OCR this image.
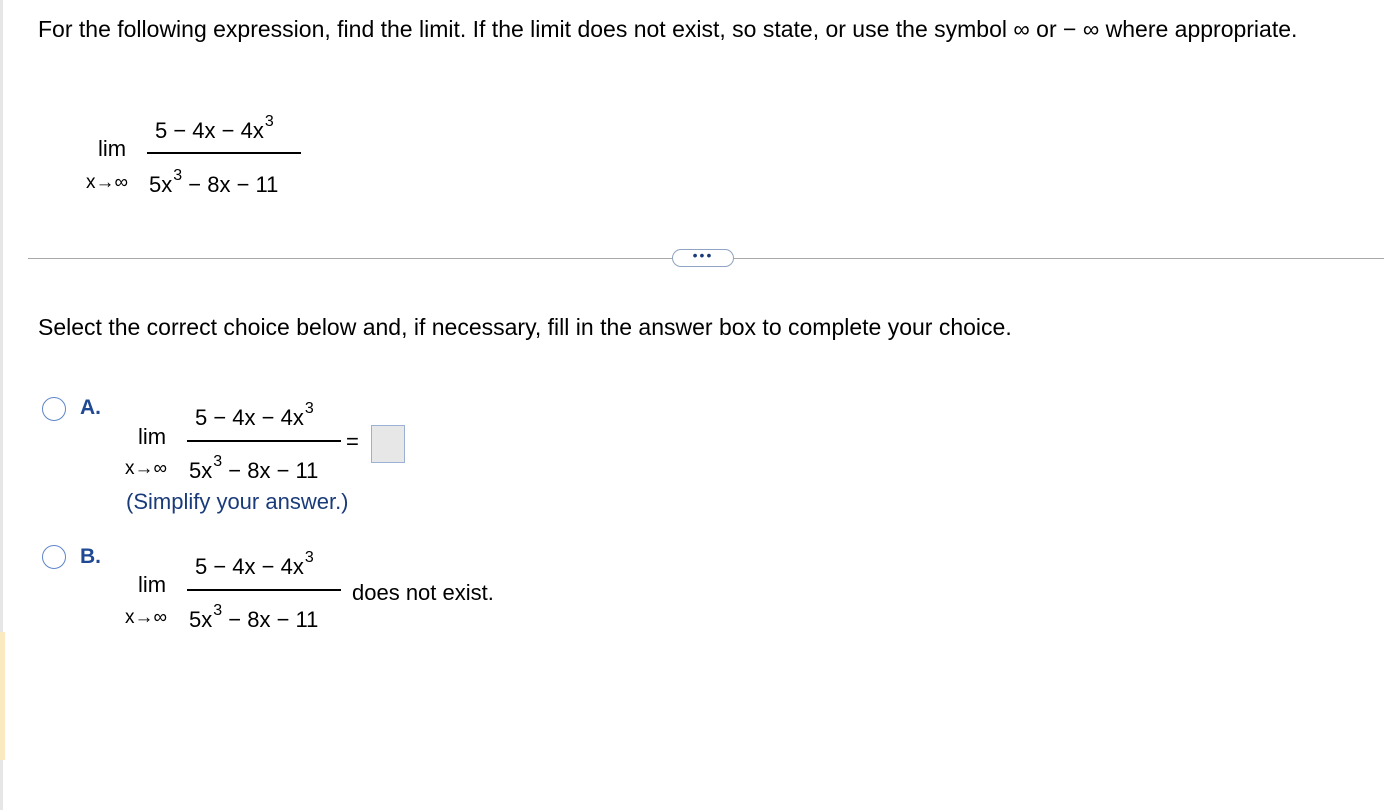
For the following expression, find the limit. If the limit does not exist, so state, or use the symbol ∞ or − ∞ where appropriate.
lim
x→∞
$5 - 4x - 4x^3$
$5x^3 - 8x - 11$
•••
Select the correct choice below and, if necessary, fill in the answer box to complete your choice.
A.
lim
x→∞
$5 - 4x - 4x^3$
$5x^3 - 8x - 11$
=
(Simplify your answer.)
B.
lim
x→∞
$5 - 4x - 4x^3$
$5x^3 - 8x - 11$
does not exist.
